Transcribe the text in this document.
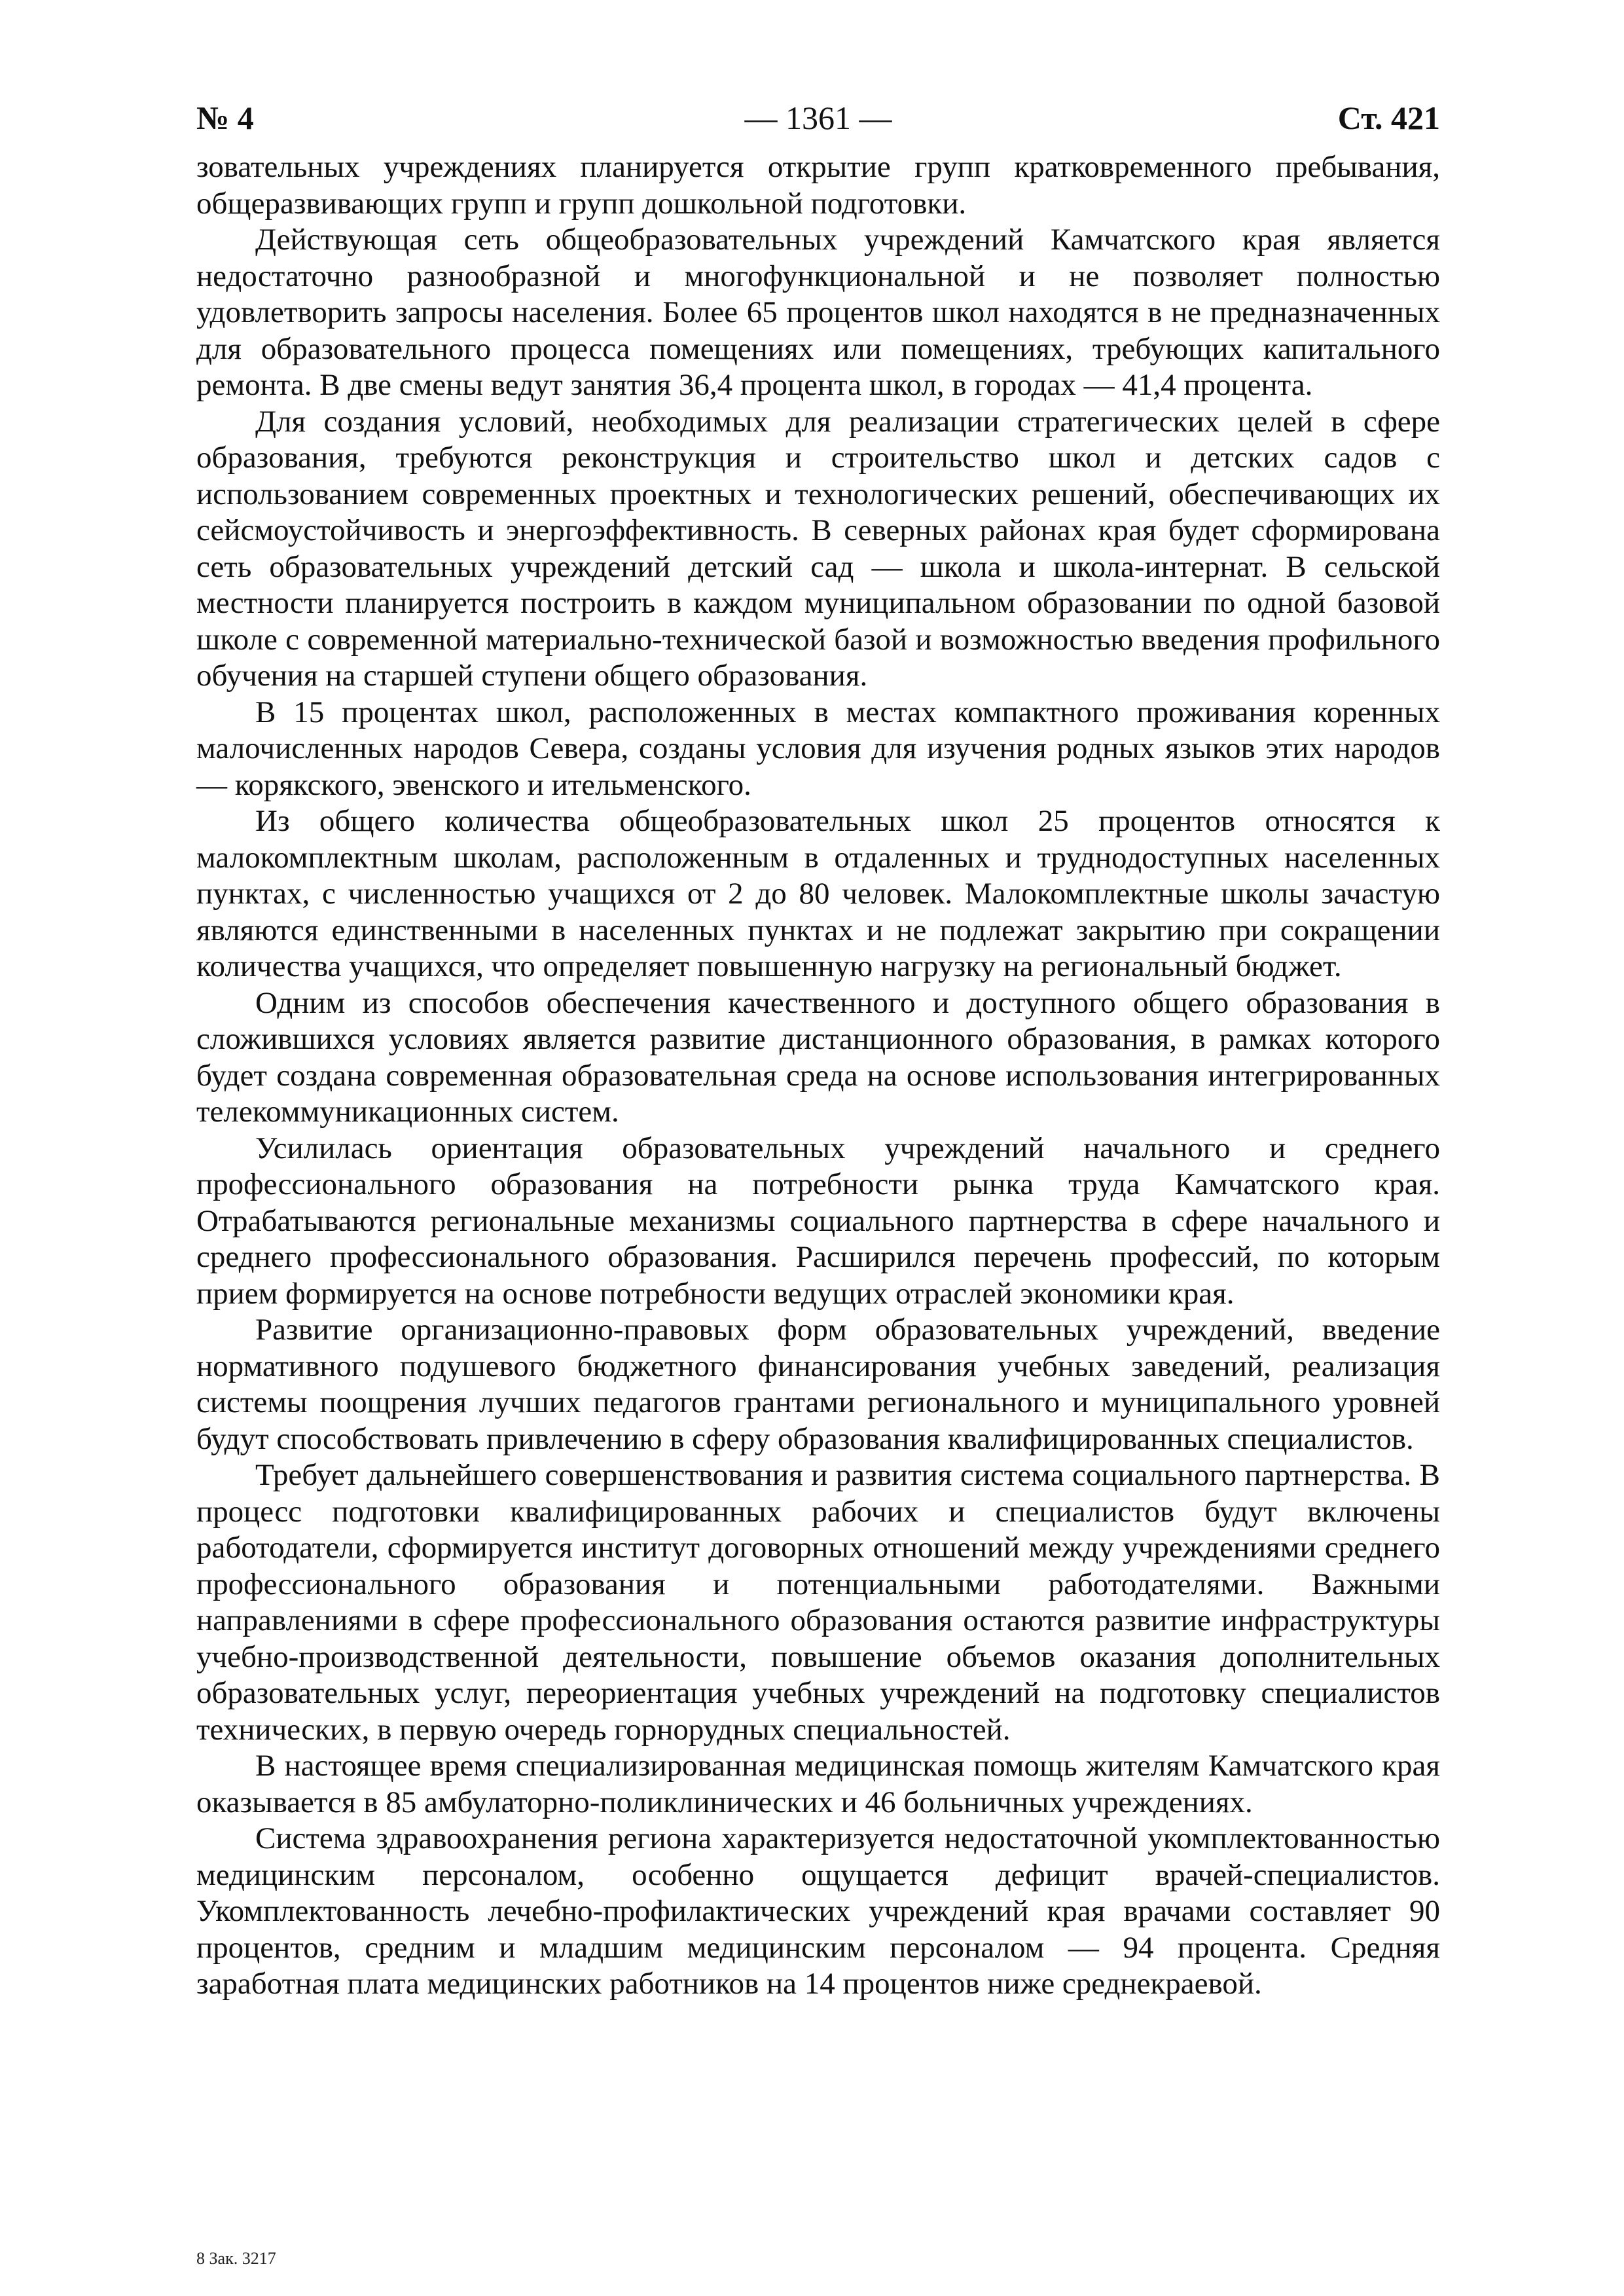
№ 4	— 1361 —	Ст. 421

зовательных учреждениях планируется открытие групп кратковременного пребывания, общеразвивающих групп и групп дошкольной подготовки.

Действующая сеть общеобразовательных учреждений Камчатского края является недостаточно разнообразной и многофункциональной и не позволяет полностью удовлетворить запросы населения. Более 65 процентов школ находятся в не предназначенных для образовательного процесса помещениях или помещениях, требующих капитального ремонта. В две смены ведут занятия 36,4 процента школ, в городах — 41,4 процента.

Для создания условий, необходимых для реализации стратегических целей в сфере образования, требуются реконструкция и строительство школ и детских садов с использованием современных проектных и технологических решений, обеспечивающих их сейсмоустойчивость и энергоэффективность. В северных районах края будет сформирована сеть образовательных учреждений детский сад — школа и школа-интернат. В сельской местности планируется построить в каждом муниципальном образовании по одной базовой школе с современной материально-технической базой и возможностью введения профильного обучения на старшей ступени общего образования.

В 15 процентах школ, расположенных в местах компактного проживания коренных малочисленных народов Севера, созданы условия для изучения родных языков этих народов — корякского, эвенского и ительменского.

Из общего количества общеобразовательных школ 25 процентов относятся к малокомплектным школам, расположенным в отдаленных и труднодоступных населенных пунктах, с численностью учащихся от 2 до 80 человек. Малокомплектные школы зачастую являются единственными в населенных пунктах и не подлежат закрытию при сокращении количества учащихся, что определяет повышенную нагрузку на региональный бюджет.

Одним из способов обеспечения качественного и доступного общего образования в сложившихся условиях является развитие дистанционного образования, в рамках которого будет создана современная образовательная среда на основе использования интегрированных телекоммуникационных систем.

Усилилась ориентация образовательных учреждений начального и среднего профессионального образования на потребности рынка труда Камчатского края. Отрабатываются региональные механизмы социального партнерства в сфере начального и среднего профессионального образования. Расширился перечень профессий, по которым прием формируется на основе потребности ведущих отраслей экономики края.

Развитие организационно-правовых форм образовательных учреждений, введение нормативного подушевого бюджетного финансирования учебных заведений, реализация системы поощрения лучших педагогов грантами регионального и муниципального уровней будут способствовать привлечению в сферу образования квалифицированных специалистов.

Требует дальнейшего совершенствования и развития система социального партнерства. В процесс подготовки квалифицированных рабочих и специалистов будут включены работодатели, сформируется институт договорных отношений между учреждениями среднего профессионального образования и потенциальными работодателями. Важными направлениями в сфере профессионального образования остаются развитие инфраструктуры учебно-производственной деятельности, повышение объемов оказания дополнительных образовательных услуг, переориентация учебных учреждений на подготовку специалистов технических, в первую очередь горнорудных специальностей.

В настоящее время специализированная медицинская помощь жителям Камчатского края оказывается в 85 амбулаторно-поликлинических и 46 больничных учреждениях.

Система здравоохранения региона характеризуется недостаточной укомплектованностью медицинским персоналом, особенно ощущается дефицит врачей-специалистов. Укомплектованность лечебно-профилактических учреждений края врачами составляет 90 процентов, средним и младшим медицинским персоналом — 94 процента. Средняя заработная плата медицинских работников на 14 процентов ниже среднекраевой.

8 Зак. 3217
